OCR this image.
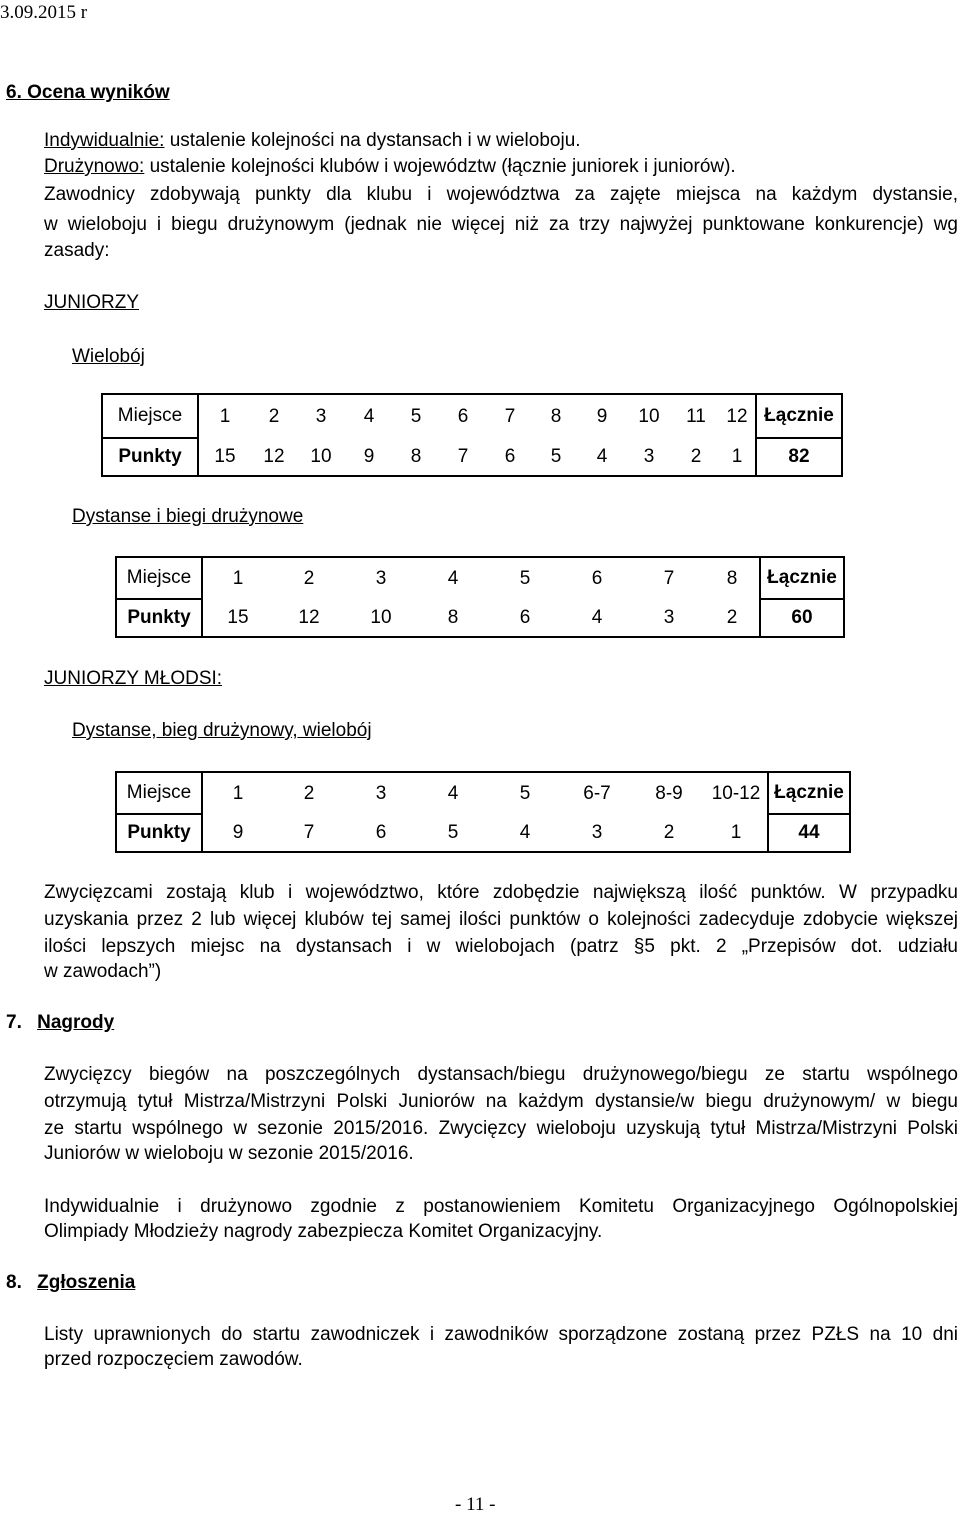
3.09.2015 r
6. Ocena wyników
Indywidualnie: ustalenie kolejności na dystansach i w wieloboju.
Drużynowo: ustalenie kolejności klubów i województw (łącznie juniorek i juniorów).
Zawodnicy zdobywają punkty dla klubu i województwa za zajęte miejsca na każdym dystansie,
w wieloboju i biegu drużynowym (jednak nie więcej niż za trzy najwyżej punktowane konkurencje) wg
zasady:
JUNIORZY
Wielobój
Miejsce	1	2	3	4	5	6	7	8	9	10	11	12	Łącznie
Punkty	15	12	10	9	8	7	6	5	4	3	2	1	82
Dystanse i biegi drużynowe
Miejsce	1	2	3	4	5	6	7	8	Łącznie
Punkty	15	12	10	8	6	4	3	2	60
JUNIORZY MŁODSI:
Dystanse, bieg drużynowy, wielobój
Miejsce	1	2	3	4	5	6-7	8-9	10-12	Łącznie
Punkty	9	7	6	5	4	3	2	1	44
Zwycięzcami zostają klub i województwo, które zdobędzie największą ilość punktów. W przypadku
uzyskania przez 2 lub więcej klubów tej samej ilości punktów o kolejności zadecyduje zdobycie większej
ilości lepszych miejsc na dystansach i w wielobojach (patrz §5 pkt. 2 „Przepisów dot. udziału
w zawodach”)
7. Nagrody
Zwycięzcy biegów na poszczególnych dystansach/biegu drużynowego/biegu ze startu wspólnego
otrzymują tytuł Mistrza/Mistrzyni Polski Juniorów na każdym dystansie/w biegu drużynowym/ w biegu
ze startu wspólnego w sezonie 2015/2016. Zwycięzcy wieloboju uzyskują tytuł Mistrza/Mistrzyni Polski
Juniorów w wieloboju w sezonie 2015/2016.
Indywidualnie i drużynowo zgodnie z postanowieniem Komitetu Organizacyjnego Ogólnopolskiej
Olimpiady Młodzieży nagrody zabezpiecza Komitet Organizacyjny.
8. Zgłoszenia
Listy uprawnionych do startu zawodniczek i zawodników sporządzone zostaną przez PZŁS na 10 dni
przed rozpoczęciem zawodów.
- 11 -
